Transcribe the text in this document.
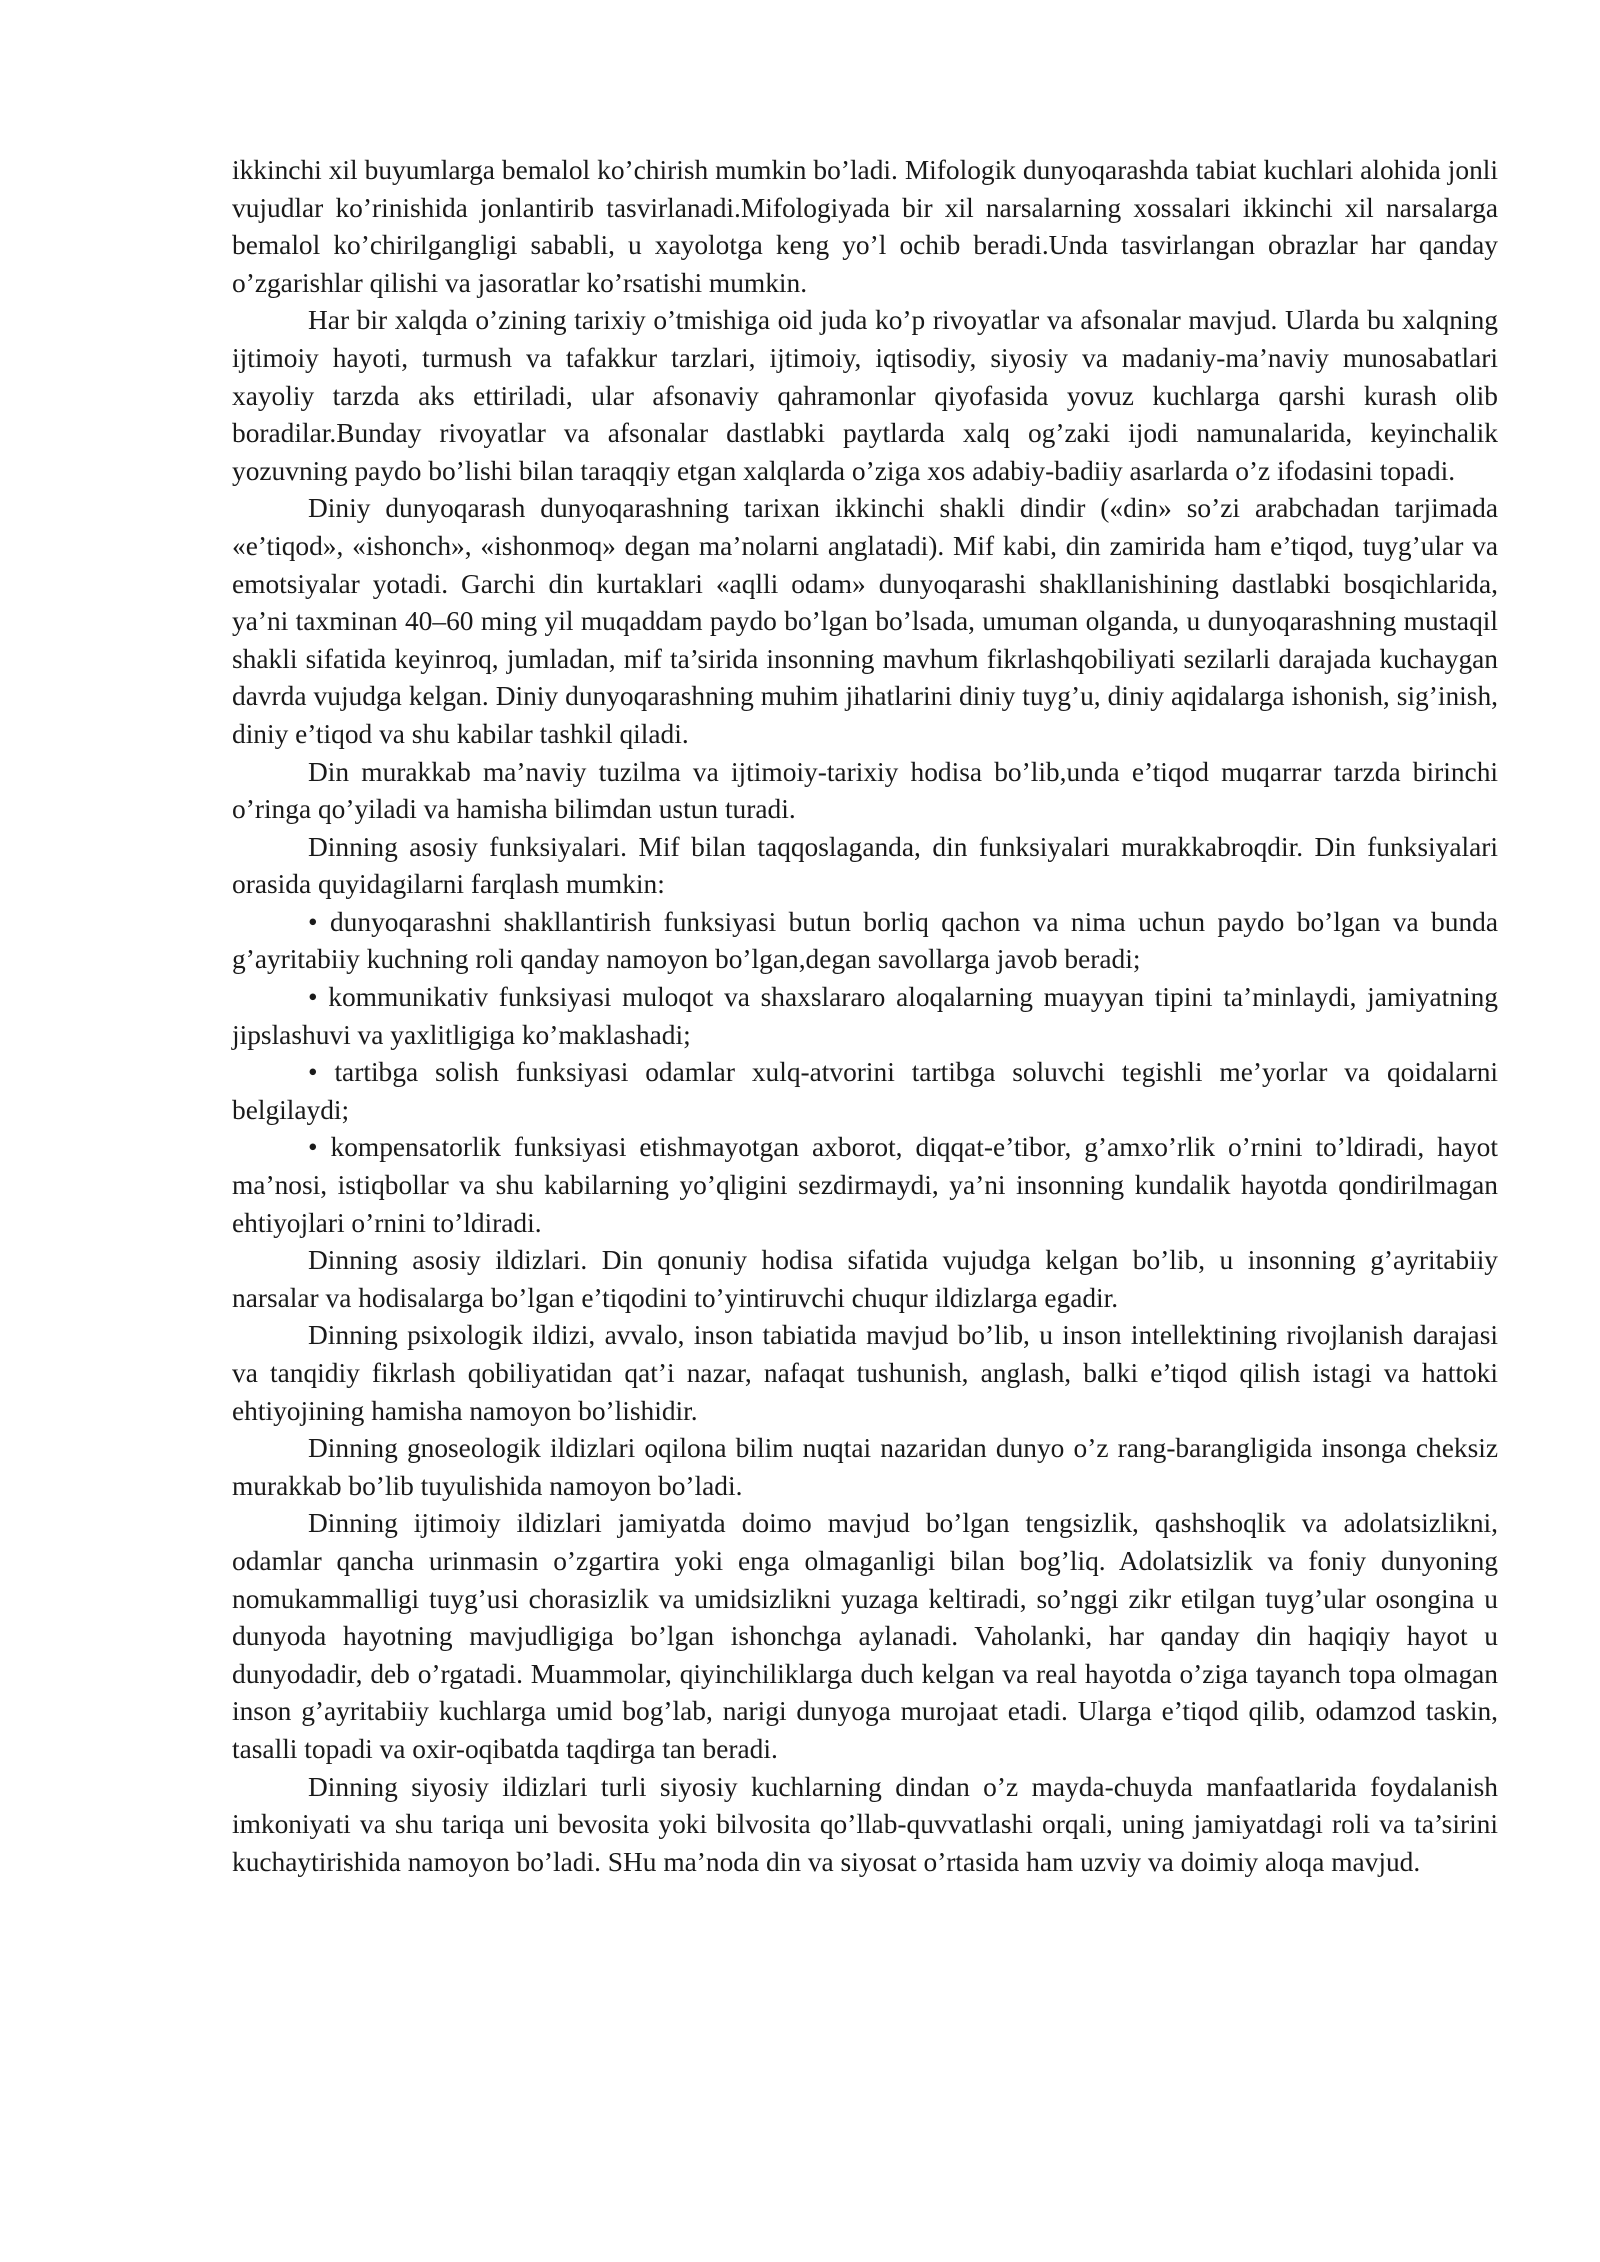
ikkinchi xil buyumlarga bemalol ko’chirish mumkin bo’ladi. Mifologik dunyoqarashda tabiat kuchlari alohida jonli vujudlar ko’rinishida jonlantirib tasvirlanadi.Mifologiyada bir xil narsalarning xossalari ikkinchi xil narsalarga bemalol ko’chirilgangligi sababli, u xayolotga keng yo’l ochib beradi.Unda tasvirlangan obrazlar har qanday o’zgarishlar qilishi va jasoratlar ko’rsatishi mumkin.

Har bir xalqda o’zining tarixiy o’tmishiga oid juda ko’p rivoyatlar va afsonalar mavjud. Ularda bu xalqning ijtimoiy hayoti, turmush va tafakkur tarzlari, ijtimoiy, iqtisodiy, siyosiy va madaniy-ma’naviy munosabatlari xayoliy tarzda aks ettiriladi, ular afsonaviy qahramonlar qiyofasida yovuz kuchlarga qarshi kurash olib boradilar.Bunday rivoyatlar va afsonalar dastlabki paytlarda xalq og’zaki ijodi namunalarida, keyinchalik yozuvning paydo bo’lishi bilan taraqqiy etgan xalqlarda o’ziga xos adabiy-badiiy asarlarda o’z ifodasini topadi.

Diniy dunyoqarash dunyoqarashning tarixan ikkinchi shakli dindir («din» so’zi arabchadan tarjimada «e’tiqod», «ishonch», «ishonmoq» degan ma’nolarni anglatadi). Mif kabi, din zamirida ham e’tiqod, tuyg’ular va emotsiyalar yotadi. Garchi din kurtaklari «aqlli odam» dunyoqarashi shakllanishining dastlabki bosqichlarida, ya’ni taxminan 40–60 ming yil muqaddam paydo bo’lgan bo’lsada, umuman olganda, u dunyoqarashning mustaqil shakli sifatida keyinroq, jumladan, mif ta’sirida insonning mavhum fikrlashqobiliyati sezilarli darajada kuchaygan davrda vujudga kelgan. Diniy dunyoqarashning muhim jihatlarini diniy tuyg’u, diniy aqidalarga ishonish, sig’inish, diniy e’tiqod va shu kabilar tashkil qiladi.

Din murakkab ma’naviy tuzilma va ijtimoiy-tarixiy hodisa bo’lib,unda e’tiqod muqarrar tarzda birinchi o’ringa qo’yiladi va hamisha bilimdan ustun turadi.

Dinning asosiy funksiyalari. Mif bilan taqqoslaganda, din funksiyalari murakkabroqdir. Din funksiyalari orasida quyidagilarni farqlash mumkin:

• dunyoqarashni shakllantirish funksiyasi butun borliq qachon va nima uchun paydo bo’lgan va bunda g’ayritabiiy kuchning roli qanday namoyon bo’lgan,degan savollarga javob beradi;

• kommunikativ funksiyasi muloqot va shaxslararo aloqalarning muayyan tipini ta’minlaydi, jamiyatning jipslashuvi va yaxlitligiga ko’maklashadi;

• tartibga solish funksiyasi odamlar xulq-atvorini tartibga soluvchi tegishli me’yorlar va qoidalarni belgilaydi;

• kompensatorlik funksiyasi etishmayotgan axborot, diqqat-e’tibor, g’amxo’rlik o’rnini to’ldiradi, hayot ma’nosi, istiqbollar va shu kabilarning yo’qligini sezdirmaydi, ya’ni insonning kundalik hayotda qondirilmagan ehtiyojlari o’rnini to’ldiradi.

Dinning asosiy ildizlari. Din qonuniy hodisa sifatida vujudga kelgan bo’lib, u insonning g’ayritabiiy narsalar va hodisalarga bo’lgan e’tiqodini to’yintiruvchi chuqur ildizlarga egadir.

Dinning psixologik ildizi, avvalo, inson tabiatida mavjud bo’lib, u inson intellektining rivojlanish darajasi va tanqidiy fikrlash qobiliyatidan qat’i nazar, nafaqat tushunish, anglash, balki e’tiqod qilish istagi va hattoki ehtiyojining hamisha namoyon bo’lishidir.

Dinning gnoseologik ildizlari oqilona bilim nuqtai nazaridan dunyo o’z rang-barangligida insonga cheksiz murakkab bo’lib tuyulishida namoyon bo’ladi.

Dinning ijtimoiy ildizlari jamiyatda doimo mavjud bo’lgan tengsizlik, qashshoqlik va adolatsizlikni, odamlar qancha urinmasin o’zgartira yoki enga olmaganligi bilan bog’liq. Adolatsizlik va foniy dunyoning nomukammalligi tuyg’usi chorasizlik va umidsizlikni yuzaga keltiradi, so’nggi zikr etilgan tuyg’ular osongina u dunyoda hayotning mavjudligiga bo’lgan ishonchga aylanadi. Vaholanki, har qanday din haqiqiy hayot u dunyodadir, deb o’rgatadi. Muammolar, qiyinchiliklarga duch kelgan va real hayotda o’ziga tayanch topa olmagan inson g’ayritabiiy kuchlarga umid bog’lab, narigi dunyoga murojaat etadi. Ularga e’tiqod qilib, odamzod taskin, tasalli topadi va oxir-oqibatda taqdirga tan beradi.

Dinning siyosiy ildizlari turli siyosiy kuchlarning dindan o’z mayda-chuyda manfaatlarida foydalanish imkoniyati va shu tariqa uni bevosita yoki bilvosita qo’llab-quvvatlashi orqali, uning jamiyatdagi roli va ta’sirini kuchaytirishida namoyon bo’ladi. SHu ma’noda din va siyosat o’rtasida ham uzviy va doimiy aloqa mavjud.
